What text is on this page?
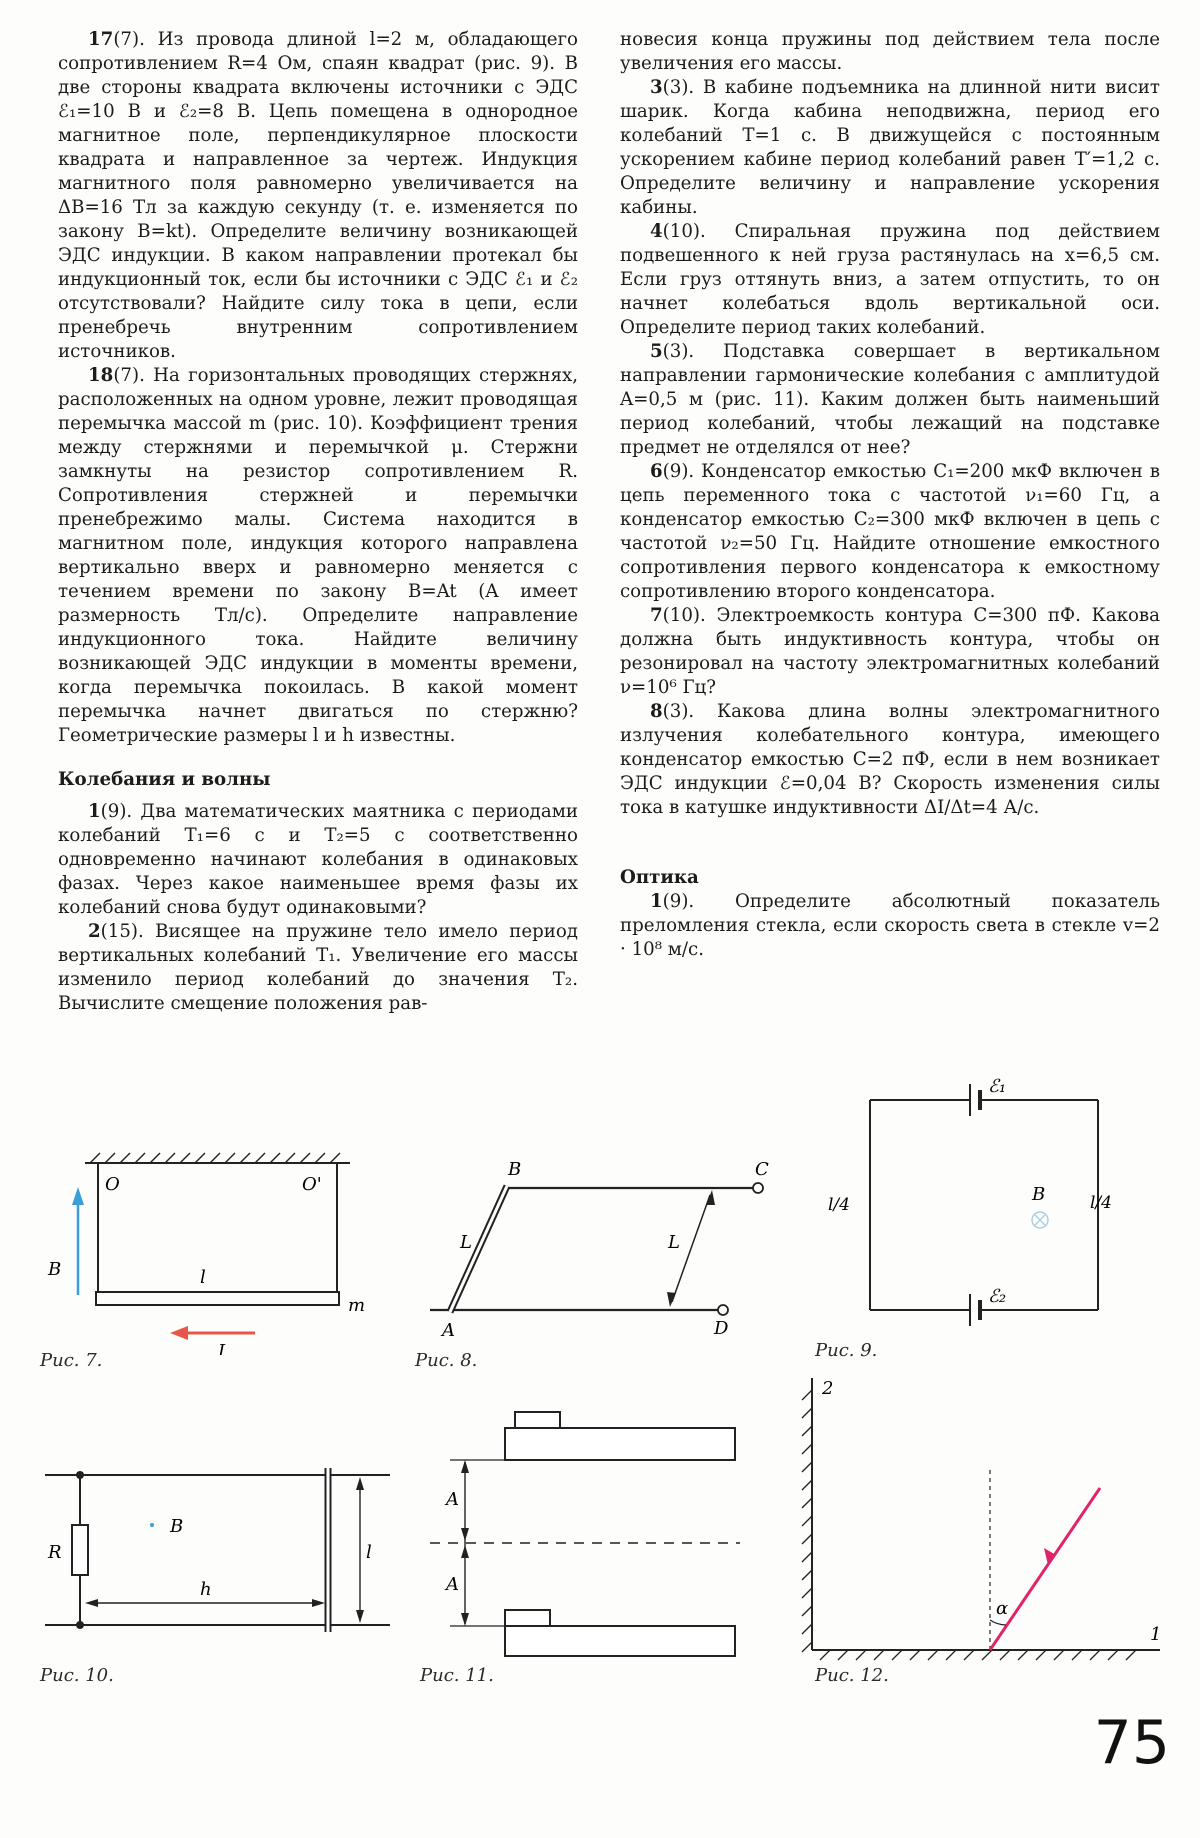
17(7). Из провода длиной l=2 м, обладающего сопротивлением R=4 Ом, спаян квадрат (рис. 9). В две стороны квадрата включены источники с ЭДС ℰ₁=10 В и ℰ₂=8 В. Цепь помещена в однородное магнитное поле, перпендикулярное плоскости квадрата и направленное за чертеж. Индукция магнитного поля равномерно увеличивается на ΔB=16 Тл за каждую секунду (т. е. изменяется по закону B=kt). Определите величину возникающей ЭДС индукции. В каком направлении протекал бы индукционный ток, если бы источники с ЭДС ℰ₁ и ℰ₂ отсутствовали? Найдите силу тока в цепи, если пренебречь внутренним сопротивлением источников.

18(7). На горизонтальных проводящих стержнях, расположенных на одном уровне, лежит проводящая перемычка массой m (рис. 10). Коэффициент трения между стержнями и перемычкой μ. Стержни замкнуты на резистор сопротивлением R. Сопротивления стержней и перемычки пренебрежимо малы. Система находится в магнитном поле, индукция которого направлена вертикально вверх и равномерно меняется с течением времени по закону B=At (A имеет размерность Тл/с). Определите направление индукционного тока. Найдите величину возникающей ЭДС индукции в моменты времени, когда перемычка покоилась. В какой момент перемычка начнет двигаться по стержню? Геометрические размеры l и h известны.

Колебания и волны

1(9). Два математических маятника с периодами колебаний T₁=6 с и T₂=5 с соответственно одновременно начинают колебания в одинаковых фазах. Через какое наименьшее время фазы их колебаний снова будут одинаковыми?

2(15). Висящее на пружине тело имело период вертикальных колебаний T₁. Увеличение его массы изменило период колебаний до значения T₂. Вычислите смещение положения рав-

новесия конца пружины под действием тела после увеличения его массы.

3(3). В кабине подъемника на длинной нити висит шарик. Когда кабина неподвижна, период его колебаний T=1 с. В движущейся с постоянным ускорением кабине период колебаний равен T′=1,2 с. Определите величину и направление ускорения кабины.

4(10). Спиральная пружина под действием подвешенного к ней груза растянулась на x=6,5 см. Если груз оттянуть вниз, а затем отпустить, то он начнет колебаться вдоль вертикальной оси. Определите период таких колебаний.

5(3). Подставка совершает в вертикальном направлении гармонические колебания с амплитудой A=0,5 м (рис. 11). Каким должен быть наименьший период колебаний, чтобы лежащий на подставке предмет не отделялся от нее?

6(9). Конденсатор емкостью C₁=200 мкФ включен в цепь переменного тока с частотой ν₁=60 Гц, а конденсатор емкостью C₂=300 мкФ включен в цепь с частотой ν₂=50 Гц. Найдите отношение емкостного сопротивления первого конденсатора к емкостному сопротивлению второго конденсатора.

7(10). Электроемкость контура C=300 пФ. Какова должна быть индуктивность контура, чтобы он резонировал на частоту электромагнитных колебаний ν=10⁶ Гц?

8(3). Какова длина волны электромагнитного излучения колебательного контура, имеющего конденсатор емкостью C=2 пФ, если в нем возникает ЭДС индукции ℰ=0,04 В? Скорость изменения силы тока в катушке индуктивности ΔI/Δt=4 А/с.

Оптика

1(9). Определите абсолютный показатель преломления стекла, если скорость света в стекле v=2 · 10⁸ м/с.

O	O'
l
B
m
I
Рис. 7.
B	C
A	D
L	L
Рис. 8.
ℰ₁
ℰ₂
B
l/4	l/4
Рис. 9.
R
B
h
l
Рис. 10.
A
A
Рис. 11.
2
1
α
Рис. 12.
75
